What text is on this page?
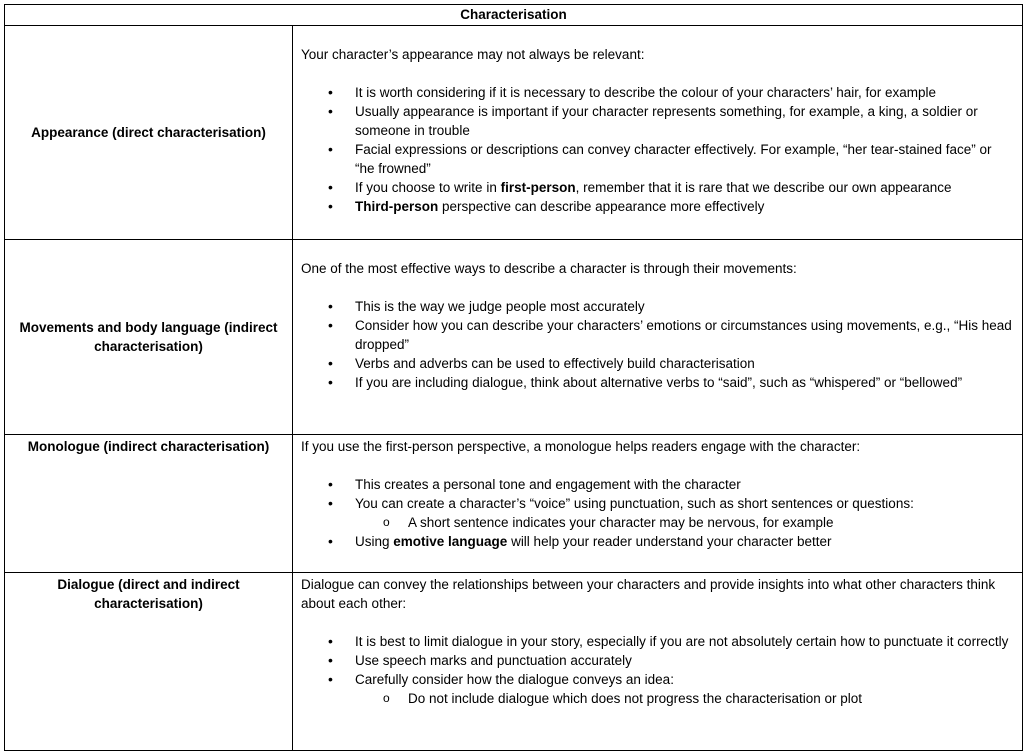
Characterisation
Appearance (direct characterisation)
Your character’s appearance may not always be relevant:
• It is worth considering if it is necessary to describe the colour of your characters’ hair, for example
• Usually appearance is important if your character represents something, for example, a king, a soldier or someone in trouble
• Facial expressions or descriptions can convey character effectively. For example, “her tear-stained face” or “he frowned”
• If you choose to write in first-person, remember that it is rare that we describe our own appearance
• Third-person perspective can describe appearance more effectively
Movements and body language (indirect characterisation)
One of the most effective ways to describe a character is through their movements:
• This is the way we judge people most accurately
• Consider how you can describe your characters’ emotions or circumstances using movements, e.g., “His head dropped”
• Verbs and adverbs can be used to effectively build characterisation
• If you are including dialogue, think about alternative verbs to “said”, such as “whispered” or “bellowed”
Monologue (indirect characterisation)	If you use the first-person perspective, a monologue helps readers engage with the character:
• This creates a personal tone and engagement with the character
• You can create a character’s “voice” using punctuation, such as short sentences or questions:
o A short sentence indicates your character may be nervous, for example
• Using emotive language will help your reader understand your character better
Dialogue (direct and indirect characterisation)
Dialogue can convey the relationships between your characters and provide insights into what other characters think about each other:
• It is best to limit dialogue in your story, especially if you are not absolutely certain how to punctuate it correctly
• Use speech marks and punctuation accurately
• Carefully consider how the dialogue conveys an idea:
o Do not include dialogue which does not progress the characterisation or plot
